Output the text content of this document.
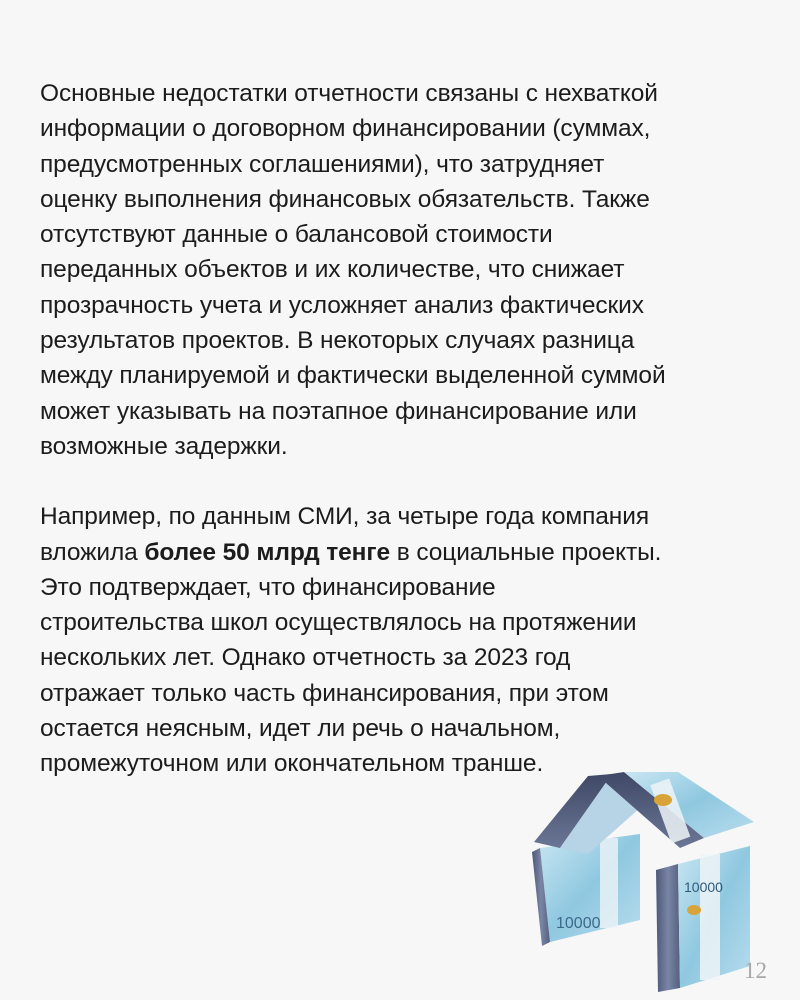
Основные недостатки отчетности связаны с нехваткой
информации о договорном финансировании (суммах,
предусмотренных соглашениями), что затрудняет
оценку выполнения финансовых обязательств. Также
отсутствуют данные о балансовой стоимости
переданных объектов и их количестве, что снижает
прозрачность учета и усложняет анализ фактических
результатов проектов. В некоторых случаях разница
между планируемой и фактически выделенной суммой
может указывать на поэтапное финансирование или
возможные задержки.

Например, по данным СМИ, за четыре года компания
вложила более 50 млрд тенге в социальные проекты.
Это подтверждает, что финансирование
строительства школ осуществлялось на протяжении
нескольких лет. Однако отчетность за 2023 год
отражает только часть финансирования, при этом
остается неясным, идет ли речь о начальном,
промежуточном или окончательном транше.

10000
10000
12
